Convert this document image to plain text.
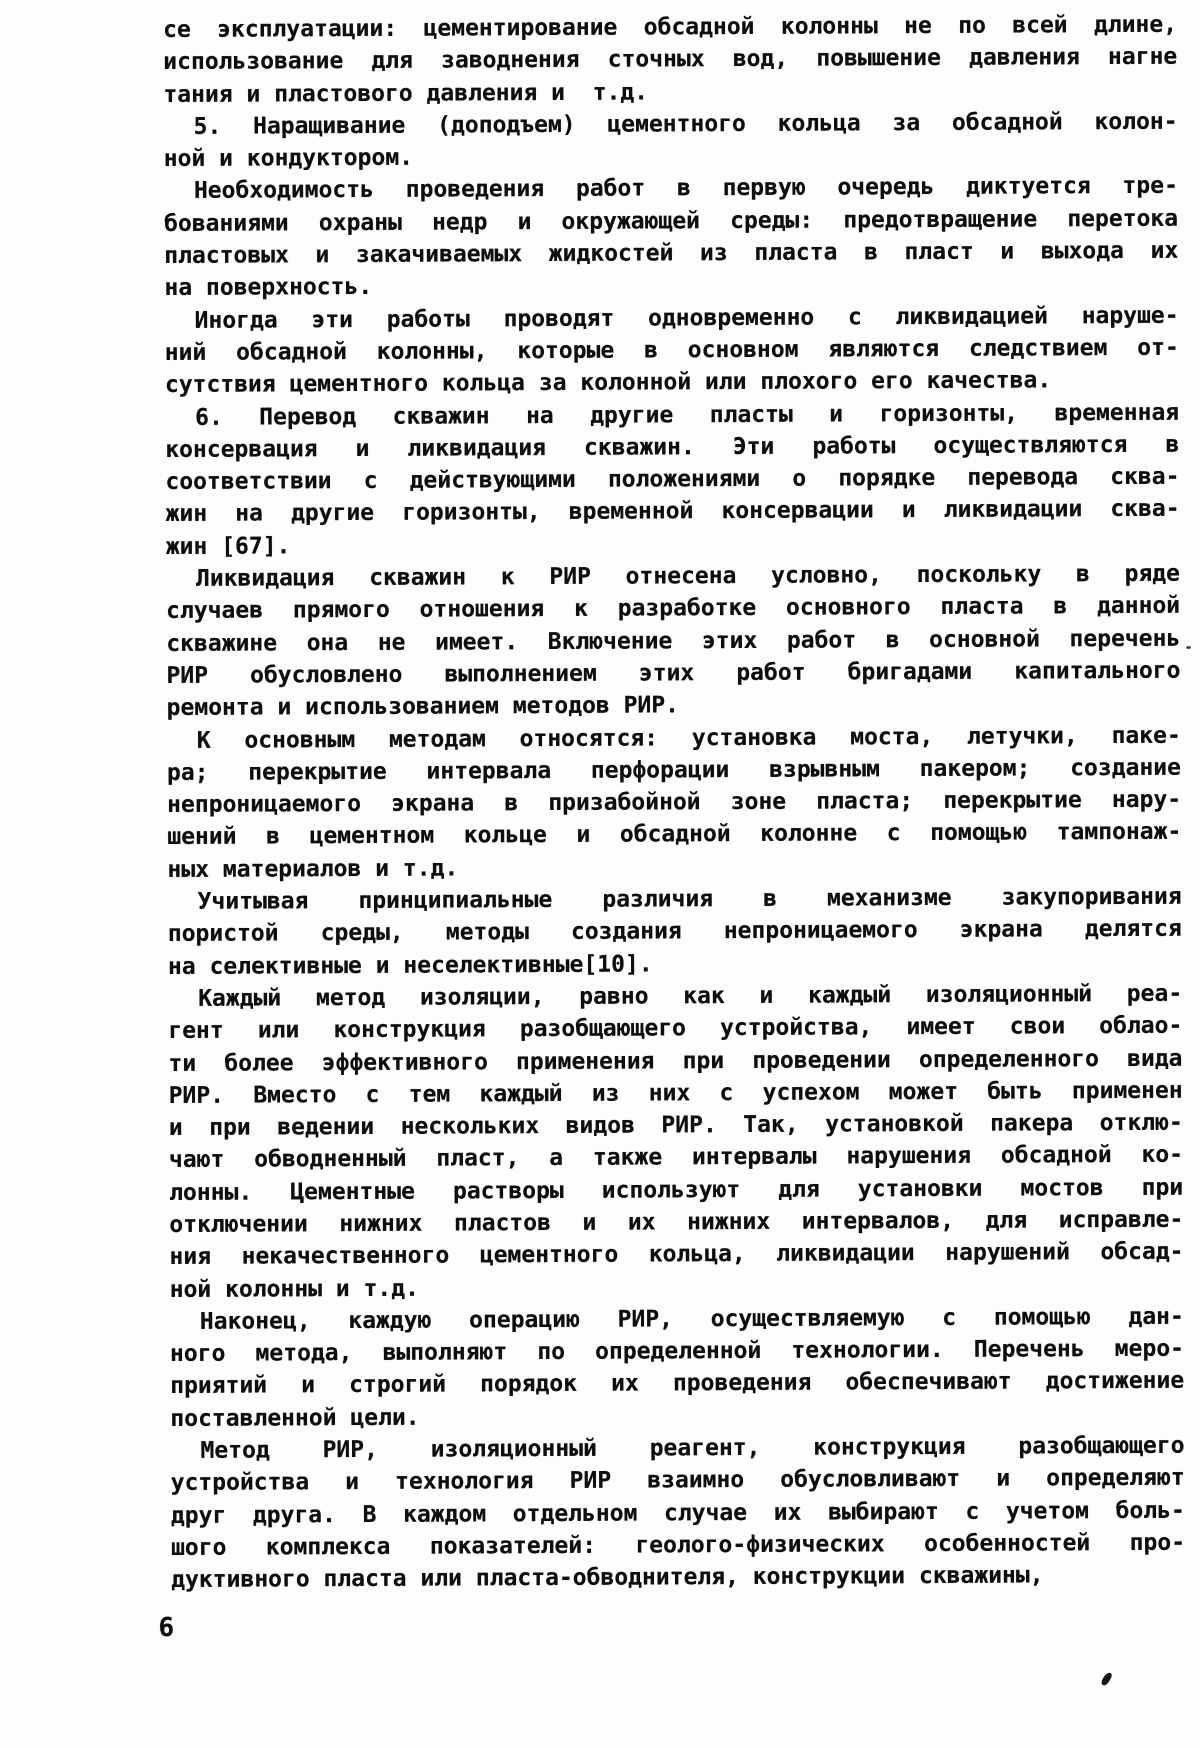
се эксплуатации: цементирование обсадной колонны не по всей длине,
использование для заводнения сточных вод, повышение давления нагне
тания и пластового давления и  т.д.
5. Наращивание (доподъем) цементного кольца за обсадной колон-
ной и кондуктором.
Необходимость проведения работ в первую очередь диктуется тре-
бованиями охраны недр и окружающей среды: предотвращение перетока
пластовых и закачиваемых жидкостей из пласта в пласт и выхода их
на поверхность.
Иногда эти работы проводят одновременно с ликвидацией наруше-
ний обсадной колонны, которые в основном являются следствием от-
сутствия цементного кольца за колонной или плохого его качества.
6. Перевод скважин на другие пласты и горизонты, временная
консервация и ликвидация скважин. Эти работы осуществляются в
соответствии с действующими положениями о порядке перевода сква-
жин на другие горизонты, временной консервации и ликвидации сква-
жин [67].
Ликвидация скважин к РИР отнесена условно, поскольку в ряде
случаев прямого отношения к разработке основного пласта в данной
скважине она не имеет. Включение этих работ в основной перечень
РИР обусловлено выполнением этих работ бригадами капитального
ремонта и использованием методов РИР.
К основным методам относятся: установка моста, летучки, паке-
ра; перекрытие интервала перфорации взрывным пакером; создание
непроницаемого экрана в призабойной зоне пласта; перекрытие нару-
шений в цементном кольце и обсадной колонне с помощью тампонаж-
ных материалов и т.д.
Учитывая принципиальные различия в механизме закупоривания
пористой среды, методы создания непроницаемого экрана делятся
на селективные и неселективные[10].
Каждый метод изоляции, равно как и каждый изоляционный реа-
гент или конструкция разобщающего устройства, имеет свои облао-
ти более эффективного применения при проведении определенного вида
РИР. Вместо с тем каждый из них с успехом может быть применен
и при ведении нескольких видов РИР. Так, установкой пакера отклю-
чают обводненный пласт, а также интервалы нарушения обсадной ко-
лонны. Цементные растворы используют для установки мостов при
отключении нижних пластов и их нижних интервалов, для исправле-
ния некачественного цементного кольца, ликвидации нарушений обсад-
ной колонны и т.д.
Наконец, каждую операцию РИР, осуществляемую с помощью дан-
ного метода, выполняют по определенной технологии. Перечень меро-
приятий и строгий порядок их проведения обеспечивают достижение
поставленной цели.
Метод РИР, изоляционный реагент, конструкция разобщающего
устройства и технология РИР взаимно обусловливают и определяют
друг друга. В каждом отдельном случае их выбирают с учетом боль-
шого комплекса показателей: геолого-физических особенностей про-
дуктивного пласта или пласта-обводнителя, конструкции скважины,
6
